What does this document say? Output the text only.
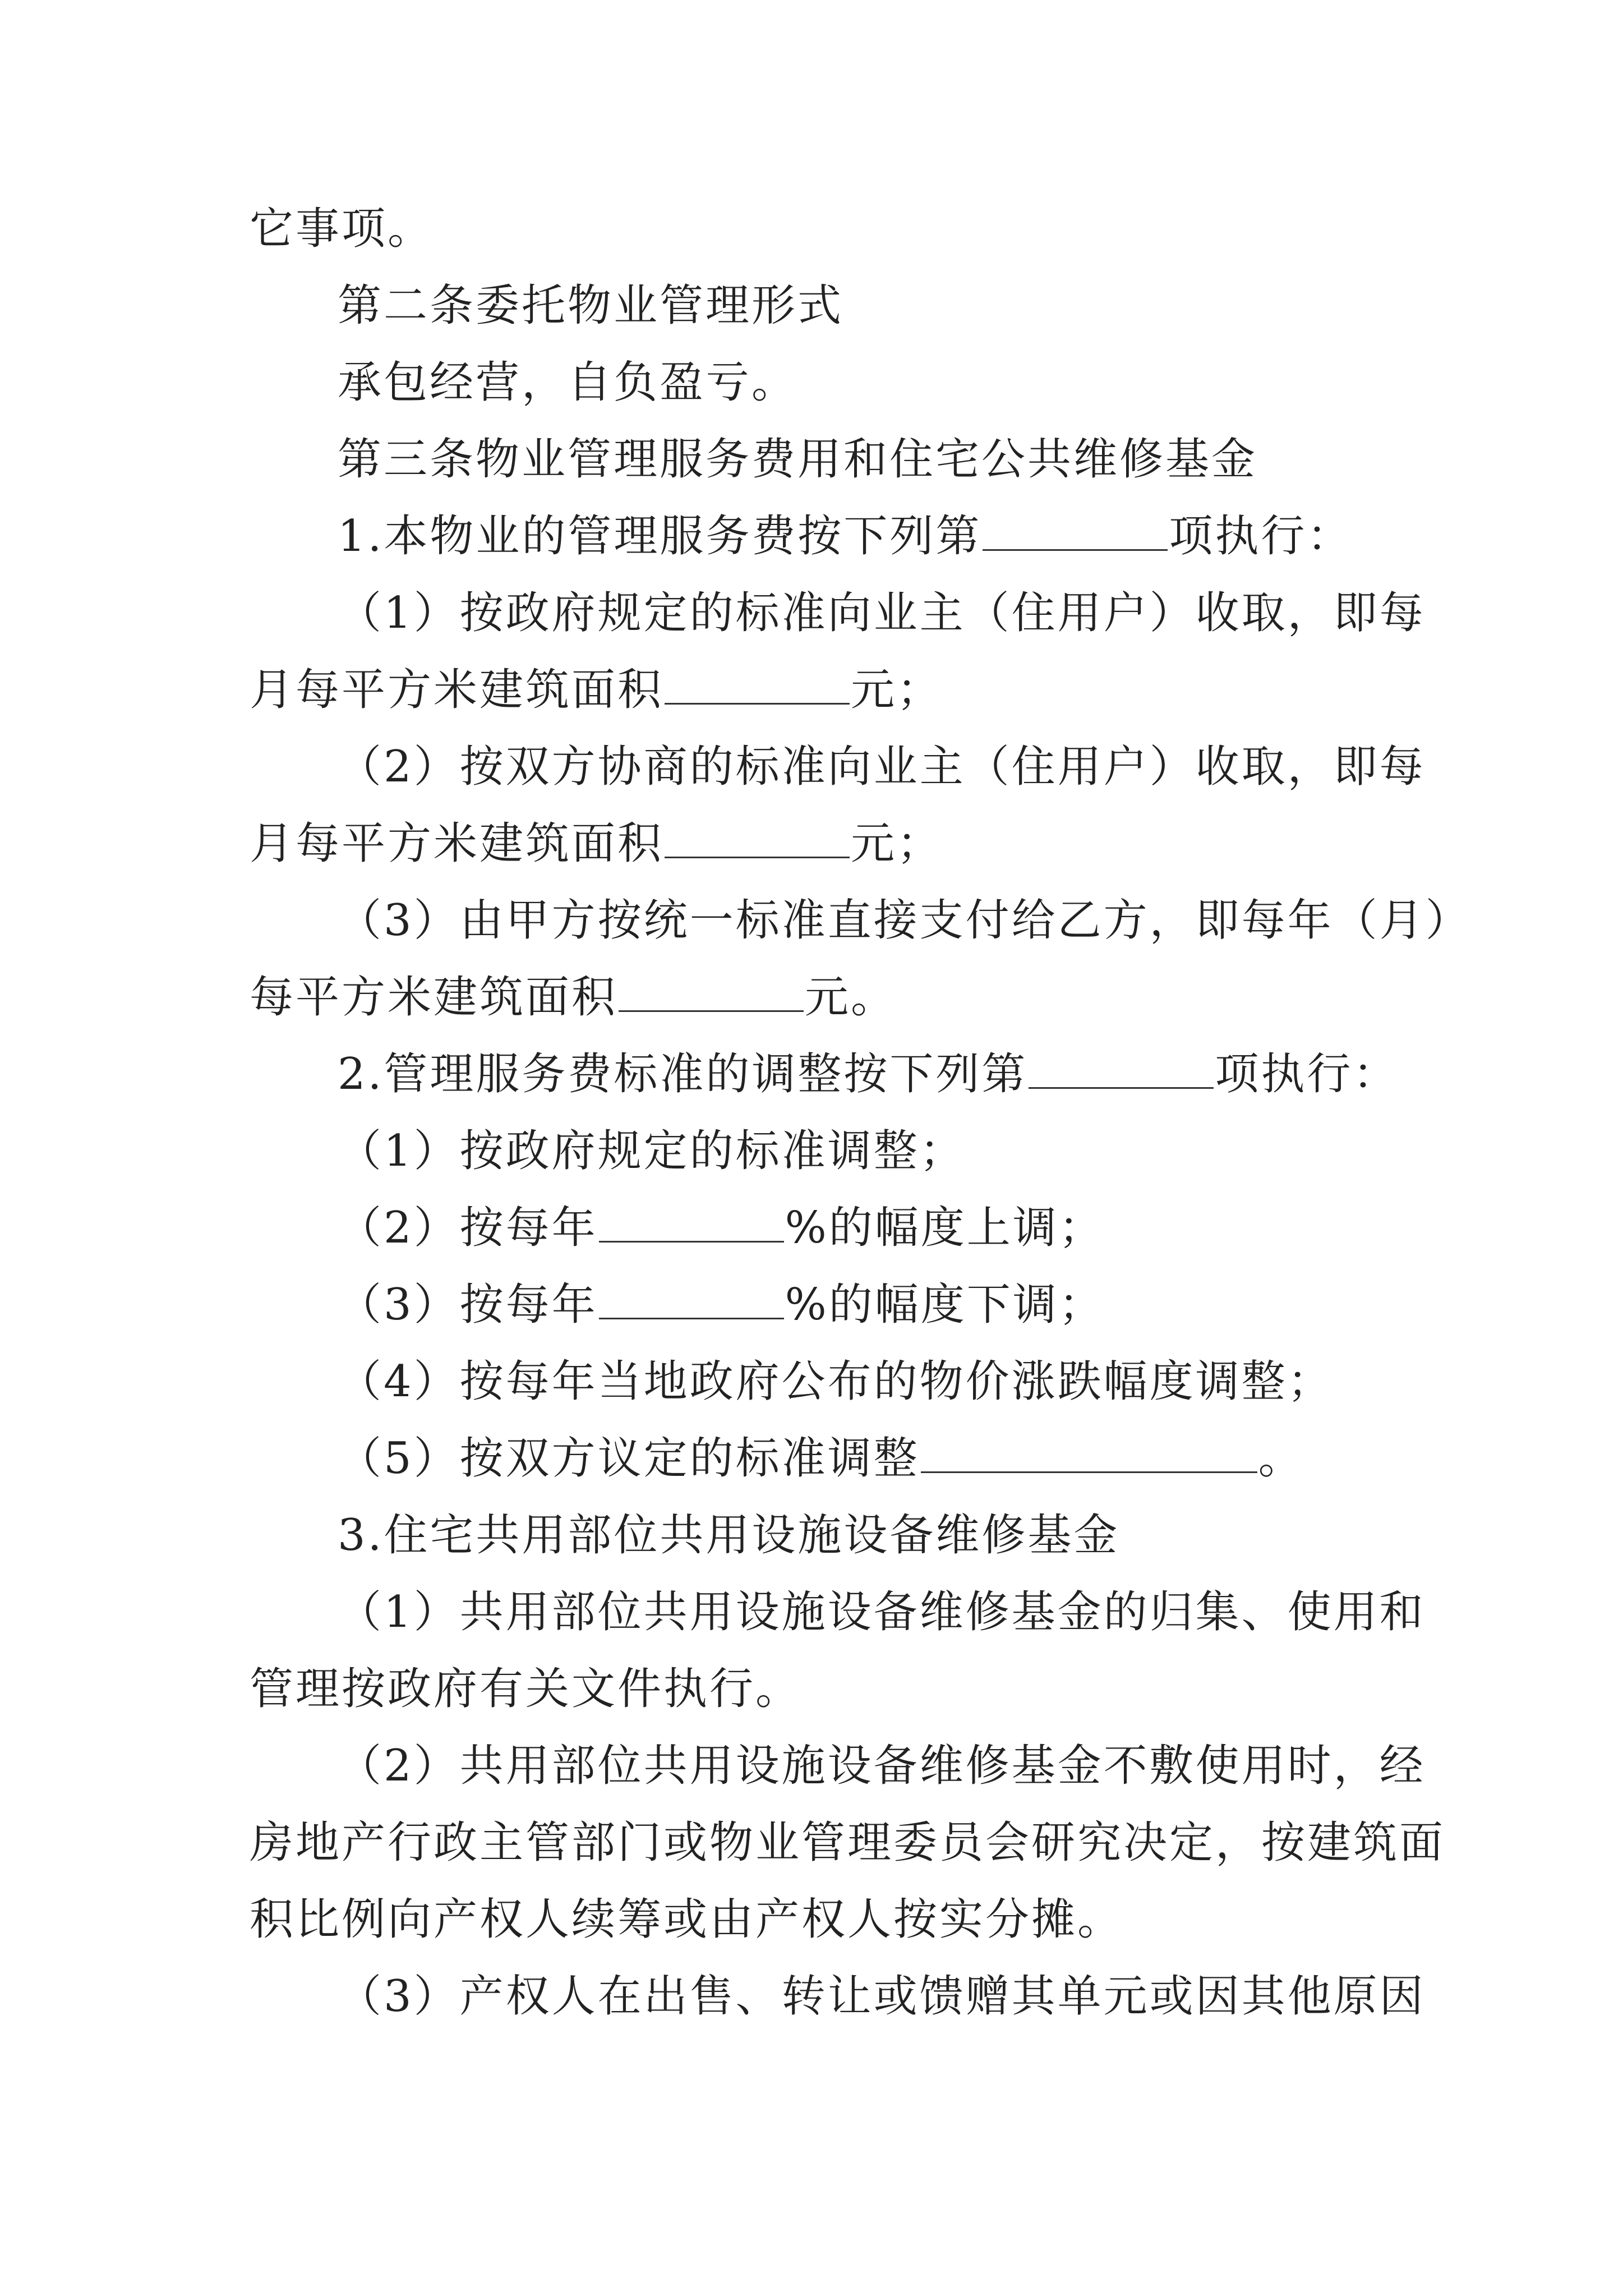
它事项。
第二条委托物业管理形式
承包经营，自负盈亏。
第三条物业管理服务费用和住宅公共维修基金
1.本物业的管理服务费按下列第	项执行：
（1）按政府规定的标准向业主（住用户）收取，即每
月每平方米建筑面积	元；
（2）按双方协商的标准向业主（住用户）收取，即每
月每平方米建筑面积	元；
（3）由甲方按统一标准直接支付给乙方，即每年（月）
每平方米建筑面积	元。
2.管理服务费标准的调整按下列第	项执行：
（1）按政府规定的标准调整；
（2）按每年	%的幅度上调；
（3）按每年	%的幅度下调；
（4）按每年当地政府公布的物价涨跌幅度调整；
（5）按双方议定的标准调整	。
3.住宅共用部位共用设施设备维修基金
（1）共用部位共用设施设备维修基金的归集、使用和
管理按政府有关文件执行。
（2）共用部位共用设施设备维修基金不敷使用时，经
房地产行政主管部门或物业管理委员会研究决定，按建筑面
积比例向产权人续筹或由产权人按实分摊。
（3）产权人在出售、转让或馈赠其单元或因其他原因
